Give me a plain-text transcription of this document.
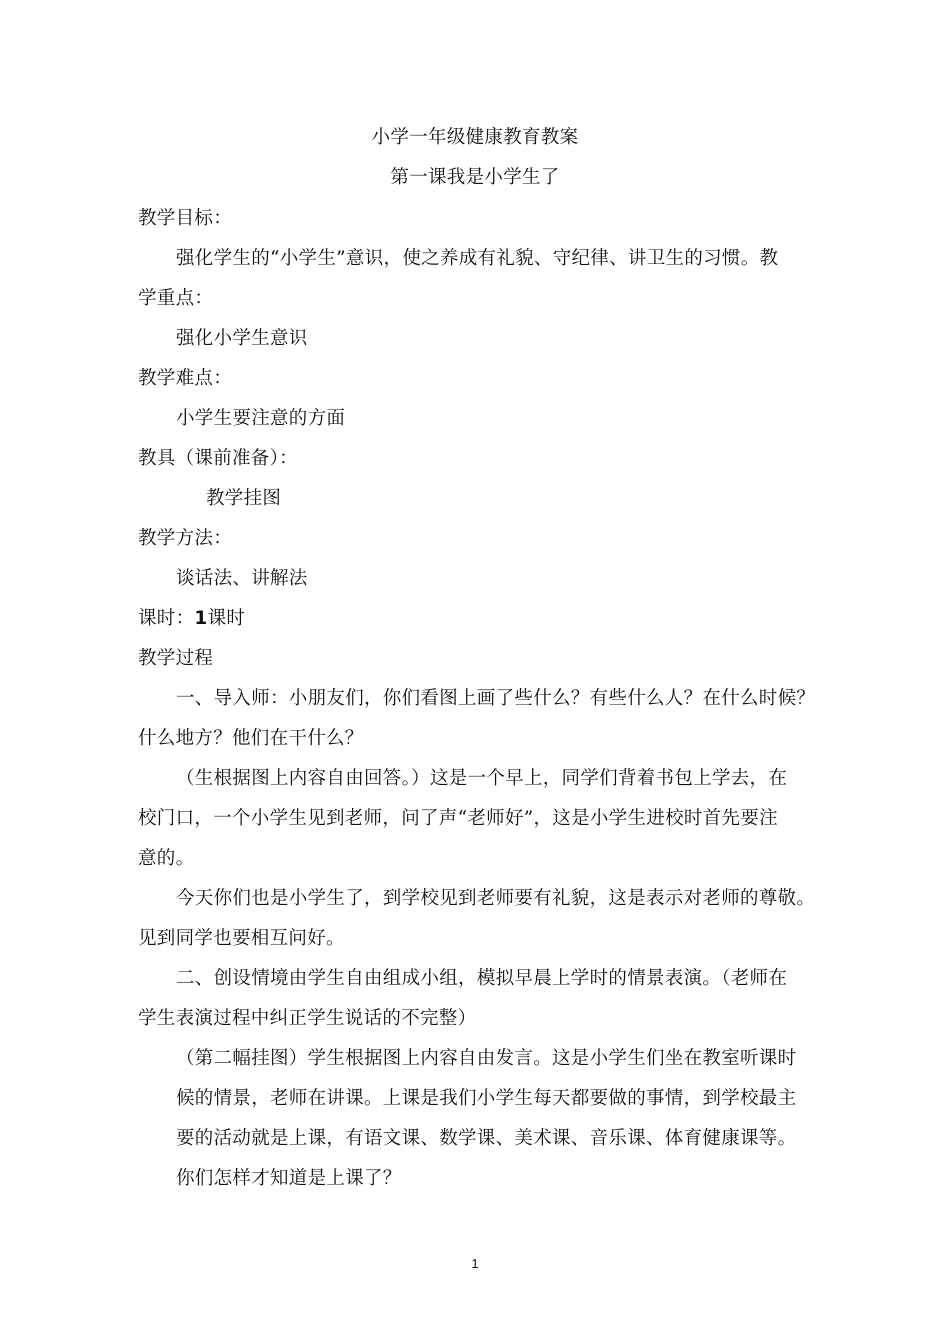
小学一年级健康教育教案
第一课我是小学生了
教学目标：
强化学生的“小学生”意识，使之养成有礼貌、守纪律、讲卫生的习惯。教
学重点：
强化小学生意识
教学难点：
小学生要注意的方面
教具（课前准备）：
教学挂图
教学方法：
谈话法、讲解法
课时：1课时
教学过程
一、导入师：小朋友们，你们看图上画了些什么？有些什么人？在什么时候？
什么地方？他们在干什么？
（生根据图上内容自由回答。）这是一个早上，同学们背着书包上学去，在
校门口，一个小学生见到老师，问了声“老师好”，这是小学生进校时首先要注
意的。
今天你们也是小学生了，到学校见到老师要有礼貌，这是表示对老师的尊敬。
见到同学也要相互问好。
二、创设情境由学生自由组成小组，模拟早晨上学时的情景表演。（老师在
学生表演过程中纠正学生说话的不完整）
（第二幅挂图）学生根据图上内容自由发言。这是小学生们坐在教室听课时
候的情景，老师在讲课。上课是我们小学生每天都要做的事情，到学校最主
要的活动就是上课，有语文课、数学课、美术课、音乐课、体育健康课等。
你们怎样才知道是上课了？
1
